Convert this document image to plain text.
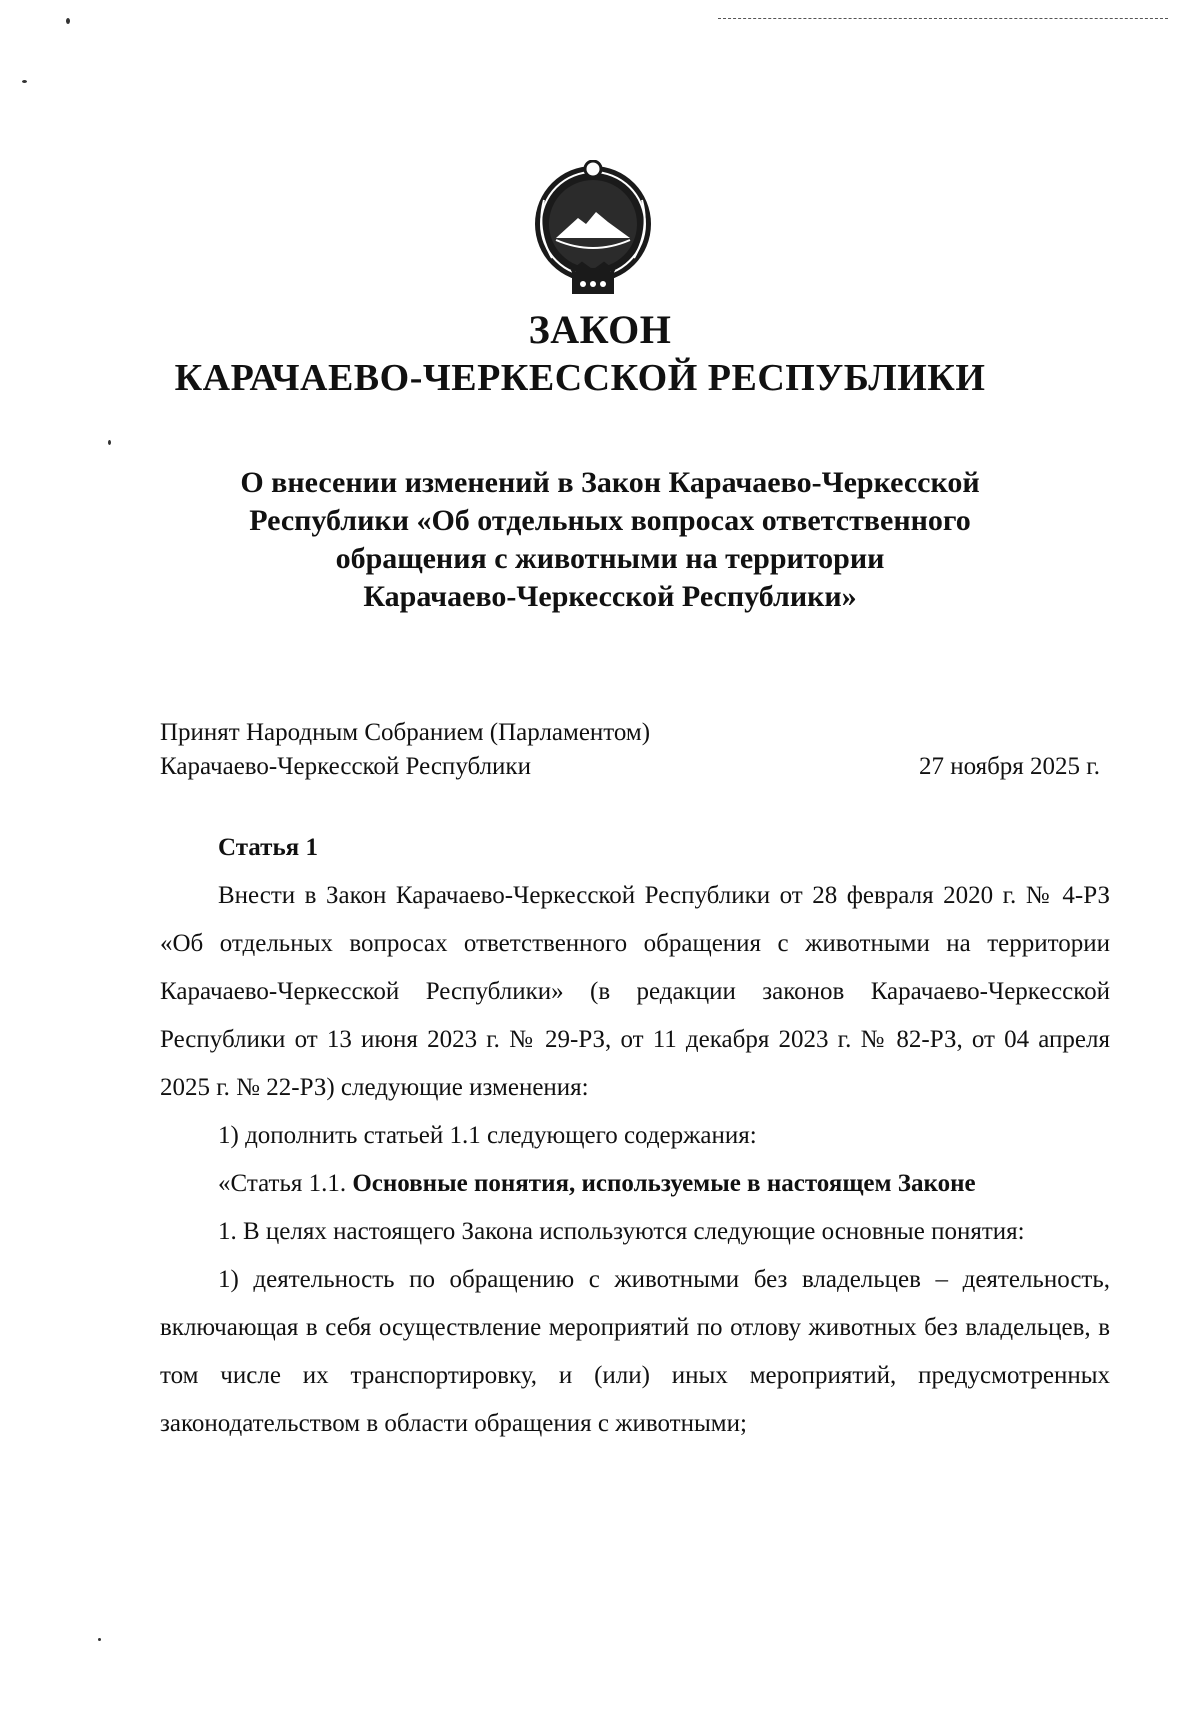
ЗАКОН
КАРАЧАЕВО-ЧЕРКЕССКОЙ РЕСПУБЛИКИ
О внесении изменений в Закон Карачаево-Черкесской
Республики «Об отдельных вопросах ответственного
обращения с животными на территории
Карачаево-Черкесской Республики»
Принят Народным Собранием (Парламентом)
Карачаево-Черкесской Республики	27 ноября 2025 г.
Статья 1

Внести в Закон Карачаево-Черкесской Республики от 28 февраля 2020 г. № 4-РЗ «Об отдельных вопросах ответственного обращения с животными на территории Карачаево-Черкесской Республики» (в редакции законов Карачаево-Черкесской Республики от 13 июня 2023 г. № 29-РЗ, от 11 декабря 2023 г. № 82-РЗ, от 04 апреля 2025 г. № 22-РЗ) следующие изменения:

1) дополнить статьей 1.1 следующего содержания:

«Статья 1.1. Основные понятия, используемые в настоящем Законе

1. В целях настоящего Закона используются следующие основные понятия:

1) деятельность по обращению с животными без владельцев – деятельность, включающая в себя осуществление мероприятий по отлову животных без владельцев, в том числе их транспортировку, и (или) иных мероприятий, предусмотренных законодательством в области обращения с животными;
